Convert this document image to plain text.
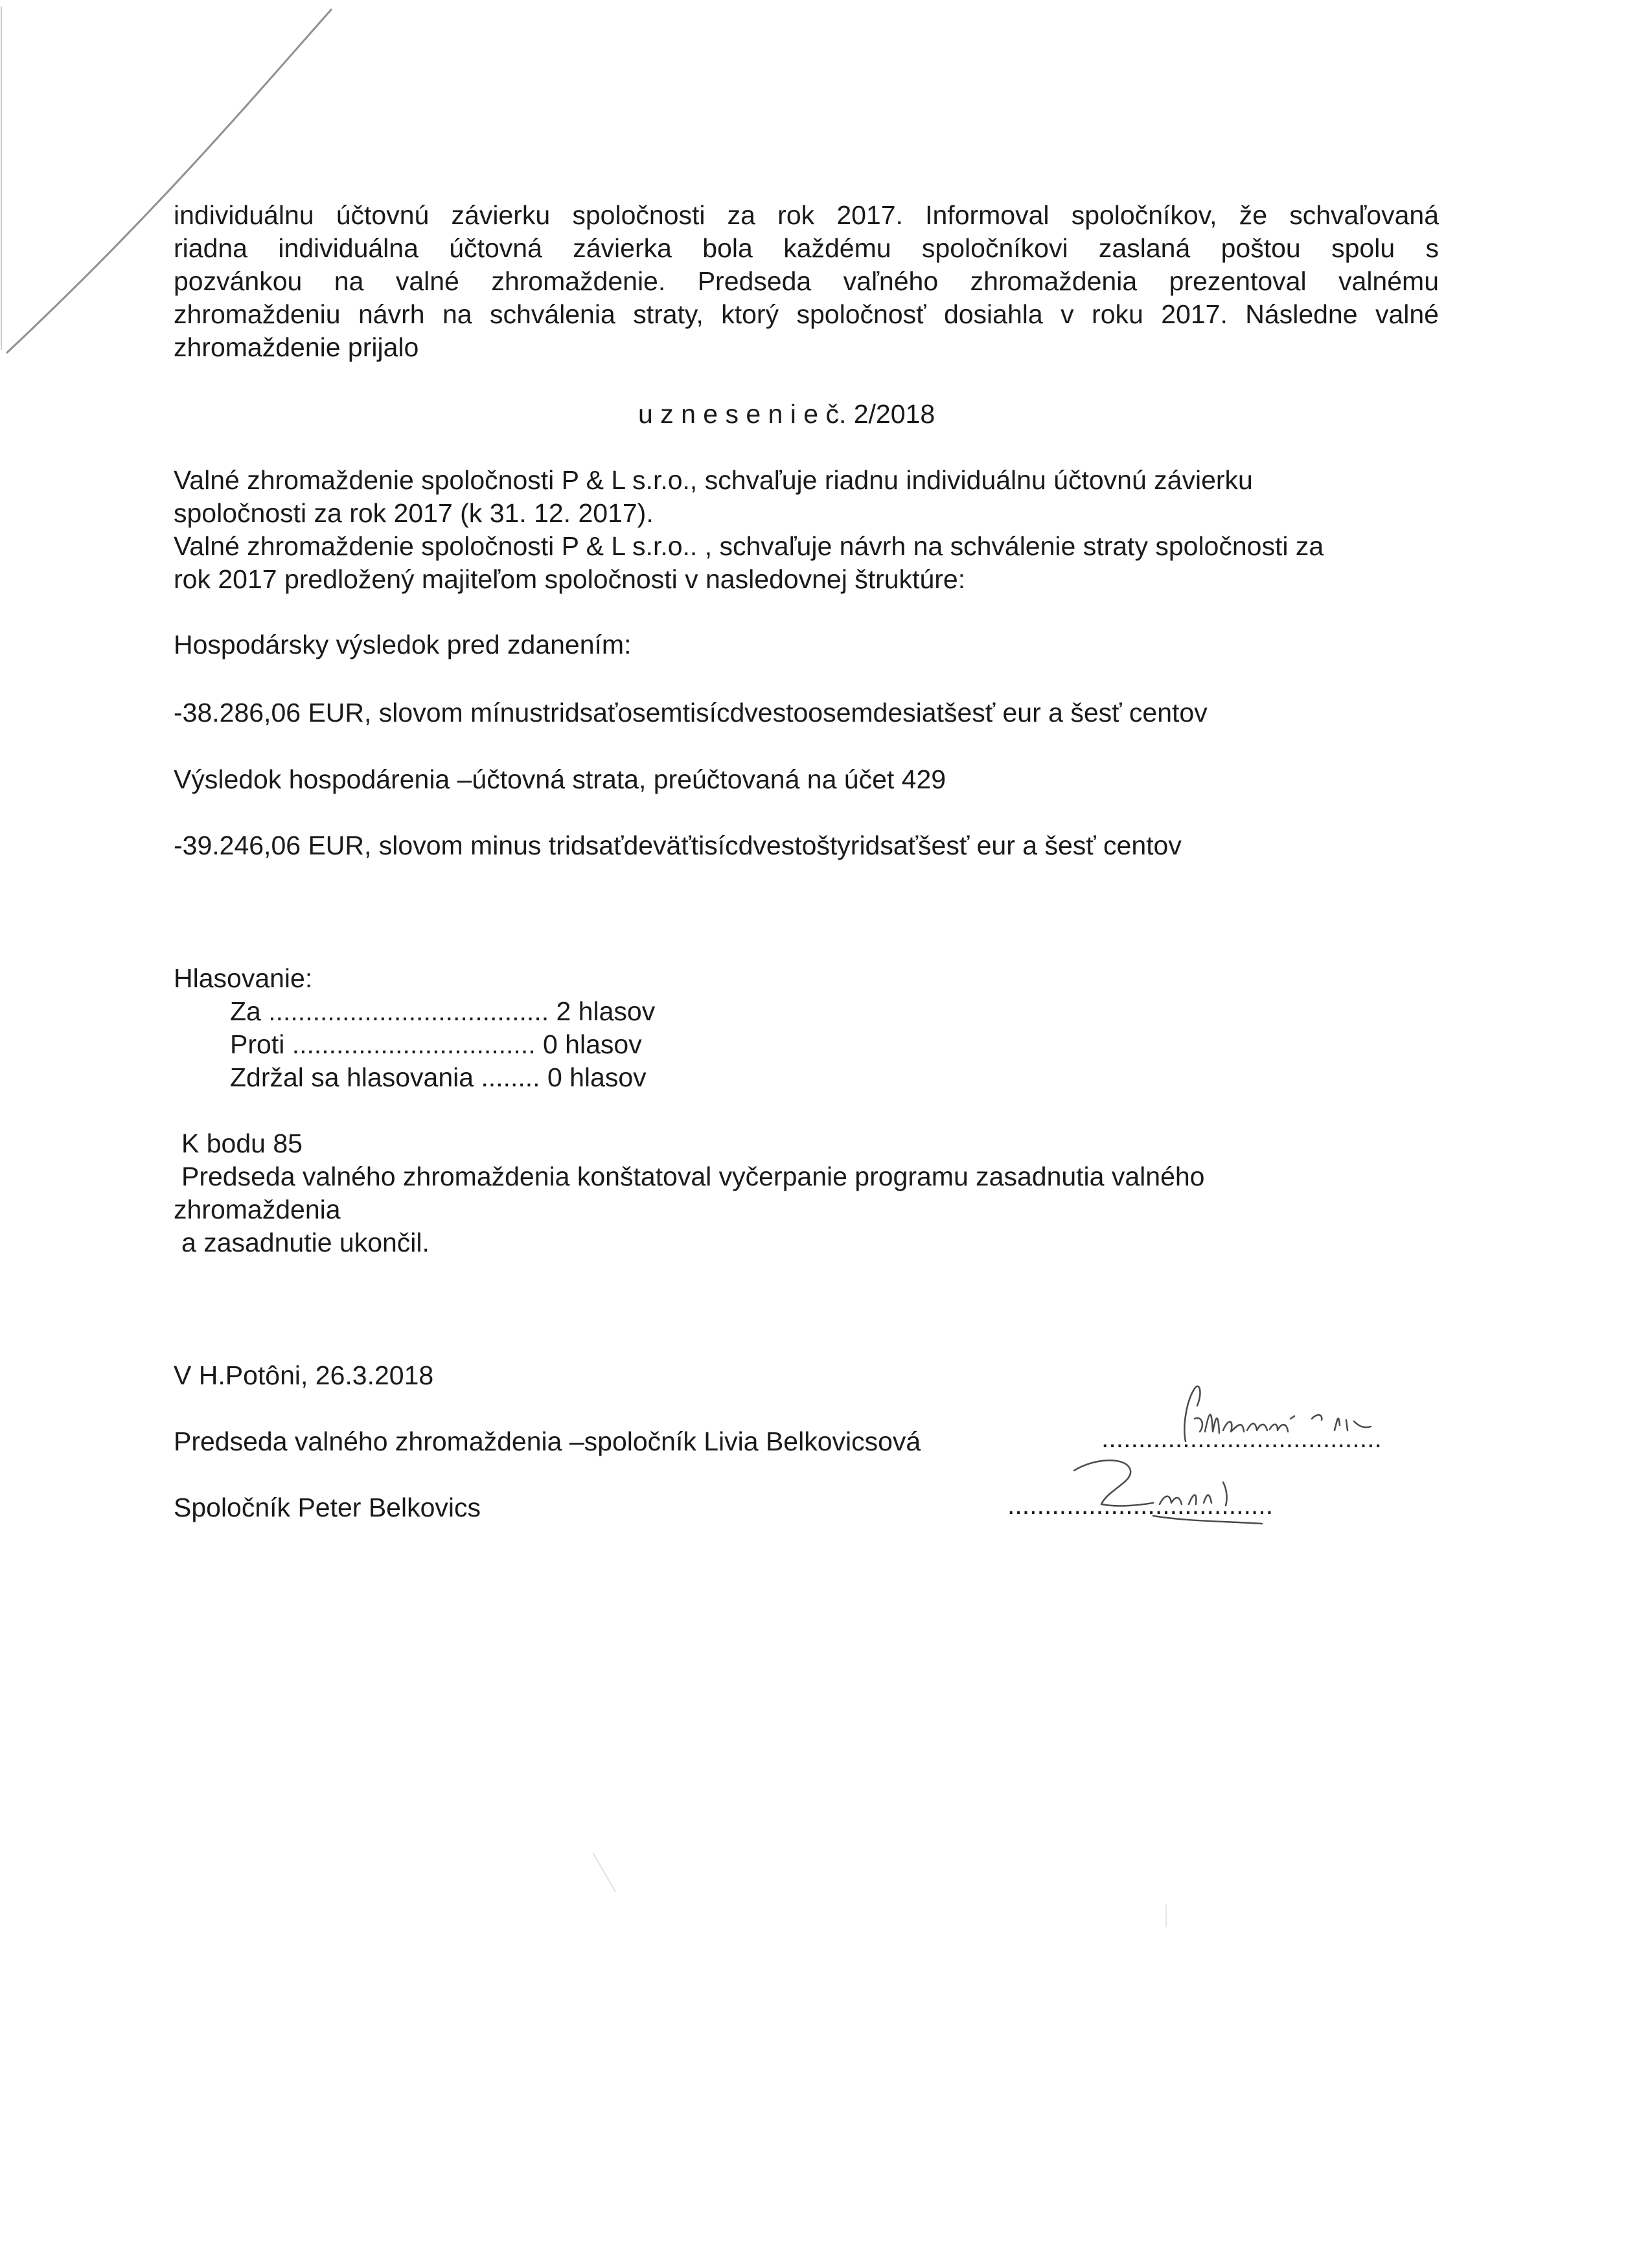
individuálnu účtovnú závierku spoločnosti za rok 2017. Informoval spoločníkov, že schvaľovaná
riadna individuálna účtovná závierka bola každému spoločníkovi zaslaná poštou spolu s
pozvánkou na valné zhromaždenie. Predseda vaľného zhromaždenia prezentoval valnému
zhromaždeniu návrh na schválenia straty, ktorý spoločnosť dosiahla v roku 2017. Následne valné
zhromaždenie prijalo
u z n e s e n i e č. 2/2018
Valné zhromaždenie spoločnosti P & L s.r.o., schvaľuje riadnu individuálnu účtovnú závierku
spoločnosti za rok 2017 (k 31. 12. 2017).
Valné zhromaždenie spoločnosti P & L s.r.o.. , schvaľuje návrh na schválenie straty spoločnosti za
rok 2017 predložený majiteľom spoločnosti v nasledovnej štruktúre:
Hospodársky výsledok pred zdanením:
-38.286,06 EUR, slovom mínustridsaťosemtisícdvestoosemdesiatšesť eur a šesť centov
Výsledok hospodárenia –účtovná strata, preúčtovaná na účet 429
-39.246,06 EUR, slovom minus tridsaťdeväťtisícdvestoštyridsaťšesť eur a šesť centov
Hlasovanie:
Za ...................................... 2 hlasov
Proti ................................. 0 hlasov
Zdržal sa hlasovania ........ 0 hlasov
K bodu 85
Predseda valného zhromaždenia konštatoval vyčerpanie programu zasadnutia valného
zhromaždenia
a zasadnutie ukončil.
V H.Potôni, 26.3.2018
Predseda valného zhromaždenia –spoločník Livia Belkovicsová	......................................
Spoločník Peter Belkovics	....................................
